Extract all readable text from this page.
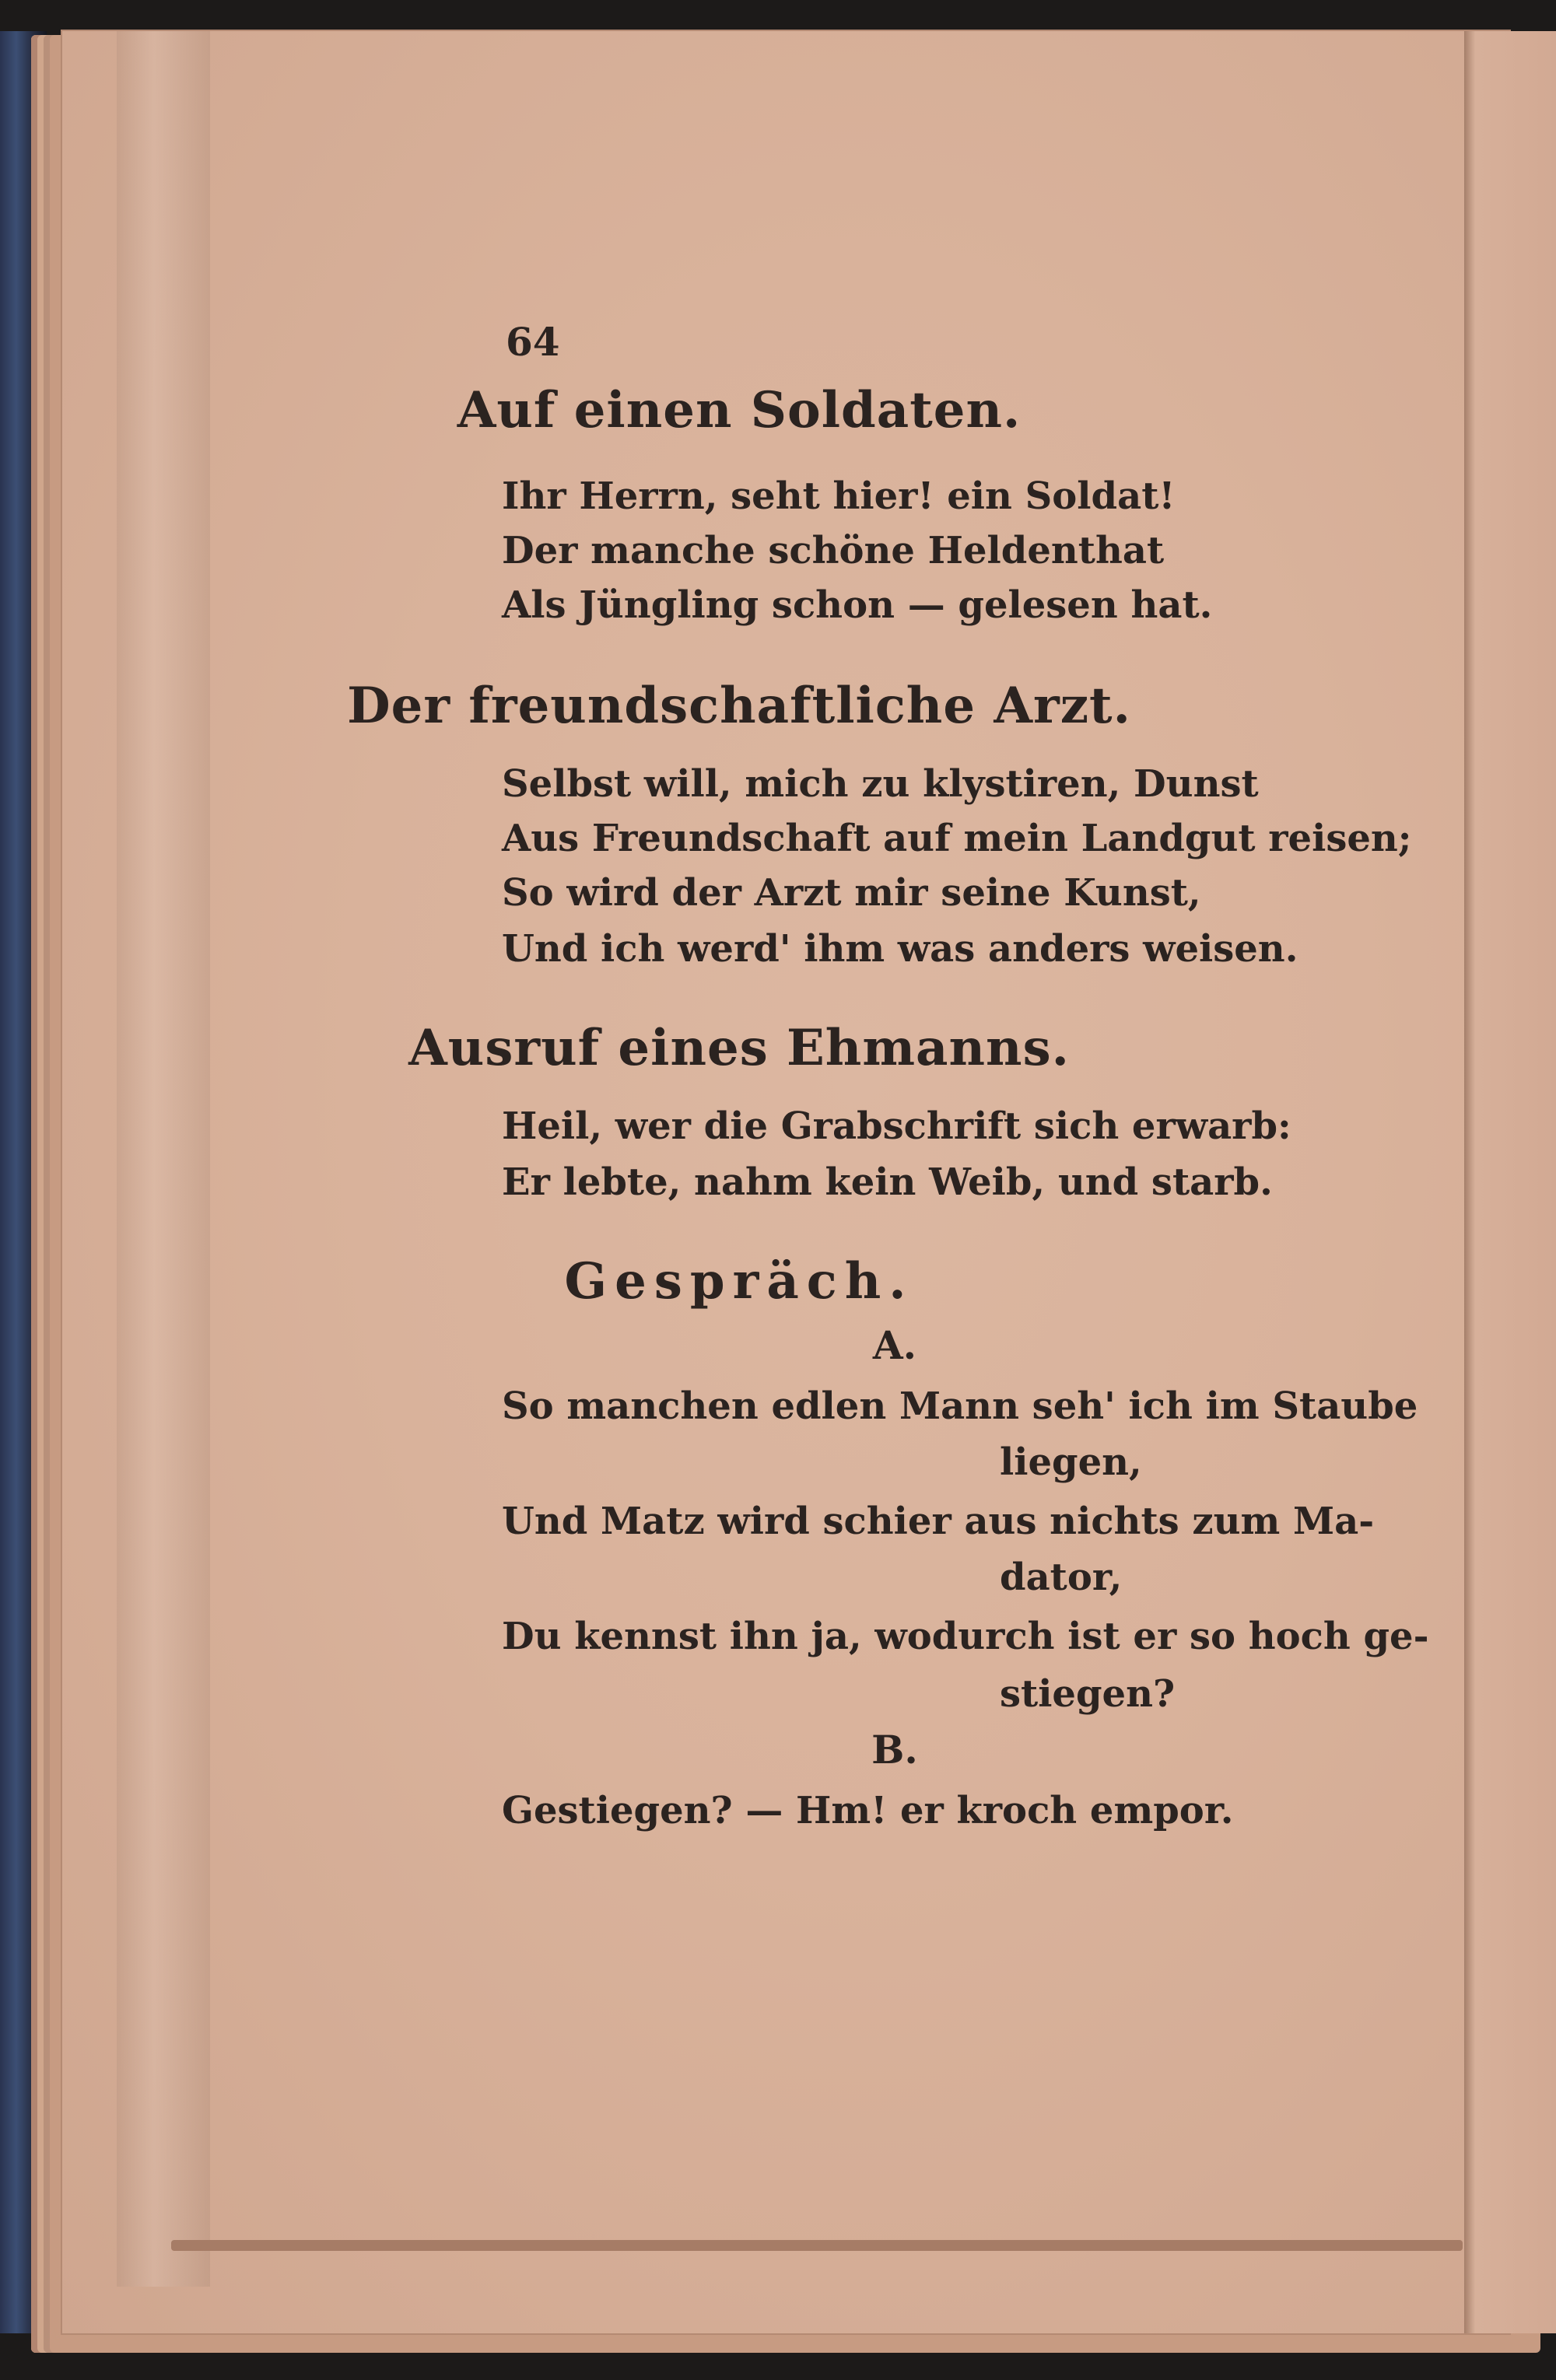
64
Auf einen Soldaten.
Ihr Herrn, seht hier! ein Soldat!
Der manche schöne Heldenthat
Als Jüngling schon — gelesen hat.
Der freundschaftliche Arzt.
Selbst will, mich zu klystiren, Dunst
Aus Freundschaft auf mein Landgut reisen;
So wird der Arzt mir seine Kunst,
Und ich werd' ihm was anders weisen.
Ausruf eines Ehmanns.
Heil, wer die Grabschrift sich erwarb:
Er lebte, nahm kein Weib, und starb.
Gespräch.
A.
So manchen edlen Mann seh' ich im Staube
liegen,
Und Matz wird schier aus nichts zum Ma-
dator,
Du kennst ihn ja, wodurch ist er so hoch ge-
stiegen?
B.
Gestiegen? — Hm! er kroch empor.
